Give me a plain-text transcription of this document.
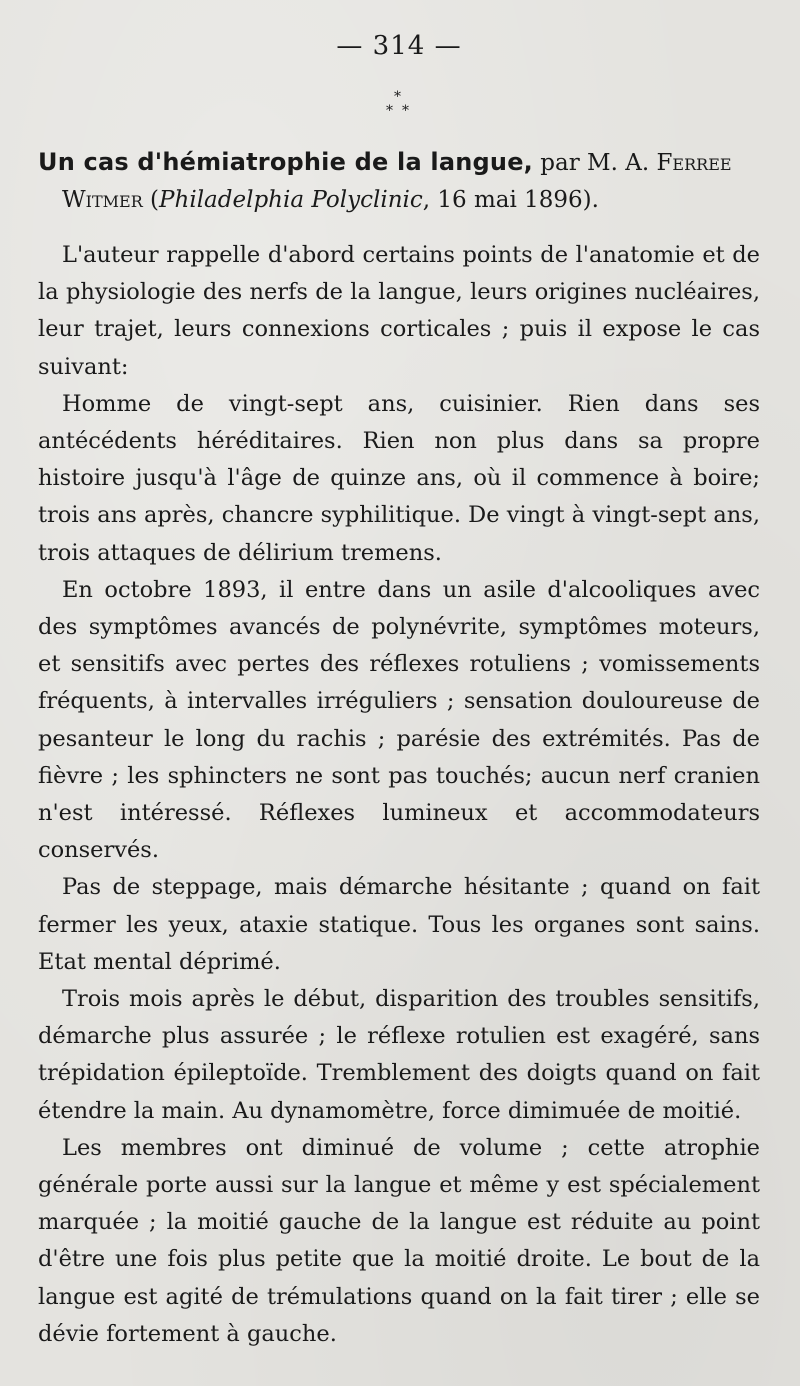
— 314 —
*
* *
Un cas d'hémiatrophie de la langue, par M. A. Ferree
Witmer (Philadelphia Polyclinic, 16 mai 1896).

L'auteur rappelle d'abord certains points de l'anatomie et de la physiologie des nerfs de la langue, leurs origines nucléaires, leur trajet, leurs connexions corticales ; puis il expose le cas suivant:

Homme de vingt-sept ans, cuisinier. Rien dans ses antécédents héréditaires. Rien non plus dans sa propre histoire jusqu'à l'âge de quinze ans, où il commence à boire; trois ans après, chancre syphilitique. De vingt à vingt-sept ans, trois attaques de délirium tremens.

En octobre 1893, il entre dans un asile d'alcooliques avec des symptômes avancés de polynévrite, symptômes moteurs, et sensitifs avec pertes des réflexes rotuliens ; vomissements fréquents, à intervalles irréguliers ; sensation douloureuse de pesanteur le long du rachis ; parésie des extrémités. Pas de fièvre ; les sphincters ne sont pas touchés; aucun nerf cranien n'est intéressé. Réflexes lumineux et accommodateurs conservés.

Pas de steppage, mais démarche hésitante ; quand on fait fermer les yeux, ataxie statique. Tous les organes sont sains. Etat mental déprimé.

Trois mois après le début, disparition des troubles sensitifs, démarche plus assurée ; le réflexe rotulien est exagéré, sans trépidation épileptoïde. Tremblement des doigts quand on fait étendre la main. Au dynamomètre, force dimimuée de moitié.

Les membres ont diminué de volume ; cette atrophie générale porte aussi sur la langue et même y est spécialement marquée ; la moitié gauche de la langue est réduite au point d'être une fois plus petite que la moitié droite. Le bout de la langue est agité de trémulations quand on la fait tirer ; elle se dévie fortement à gauche.
